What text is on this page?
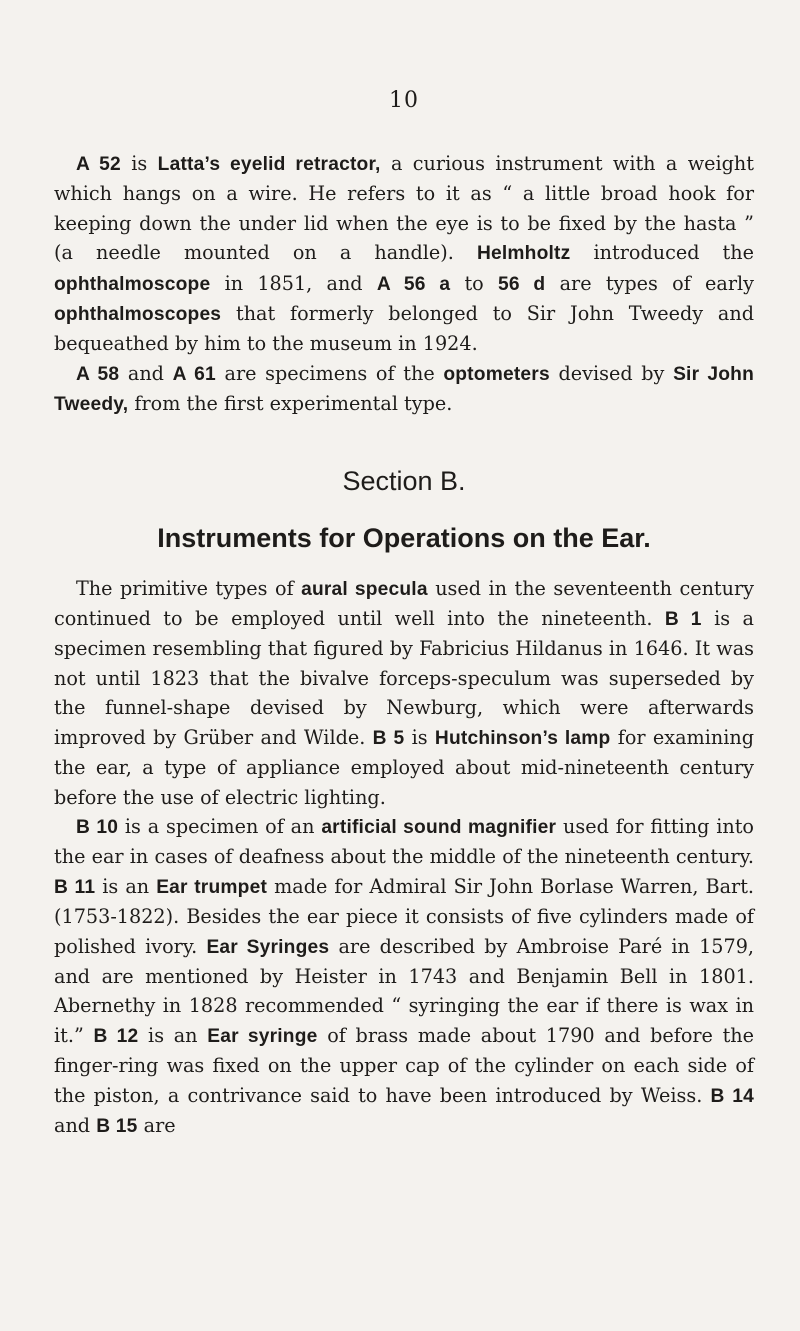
10

A 52 is Latta’s eyelid retractor, a curious instrument with a weight which hangs on a wire. He refers to it as “ a little broad hook for keeping down the under lid when the eye is to be fixed by the hasta ” (a needle mounted on a handle). Helmholtz introduced the ophthalmoscope in 1851, and A 56 a to 56 d are types of early ophthalmoscopes that formerly belonged to Sir John Tweedy and bequeathed by him to the museum in 1924.

A 58 and A 61 are specimens of the optometers devised by Sir John Tweedy, from the first experimental type.

Section B.
Instruments for Operations on the Ear.

The primitive types of aural specula used in the seventeenth century continued to be employed until well into the nineteenth. B 1 is a specimen resembling that figured by Fabricius Hildanus in 1646. It was not until 1823 that the bivalve forceps-speculum was superseded by the funnel-shape devised by Newburg, which were afterwards improved by Grüber and Wilde. B 5 is Hutchinson’s lamp for examining the ear, a type of appliance employed about mid-nineteenth century before the use of electric lighting.

B 10 is a specimen of an artificial sound magnifier used for fitting into the ear in cases of deafness about the middle of the nineteenth century. B 11 is an Ear trumpet made for Admiral Sir John Borlase Warren, Bart. (1753-1822). Besides the ear piece it consists of five cylinders made of polished ivory. Ear Syringes are described by Ambroise Paré in 1579, and are mentioned by Heister in 1743 and Benjamin Bell in 1801. Abernethy in 1828 recommended “ syringing the ear if there is wax in it.” B 12 is an Ear syringe of brass made about 1790 and before the finger-ring was fixed on the upper cap of the cylinder on each side of the piston, a contrivance said to have been introduced by Weiss. B 14 and B 15 are
